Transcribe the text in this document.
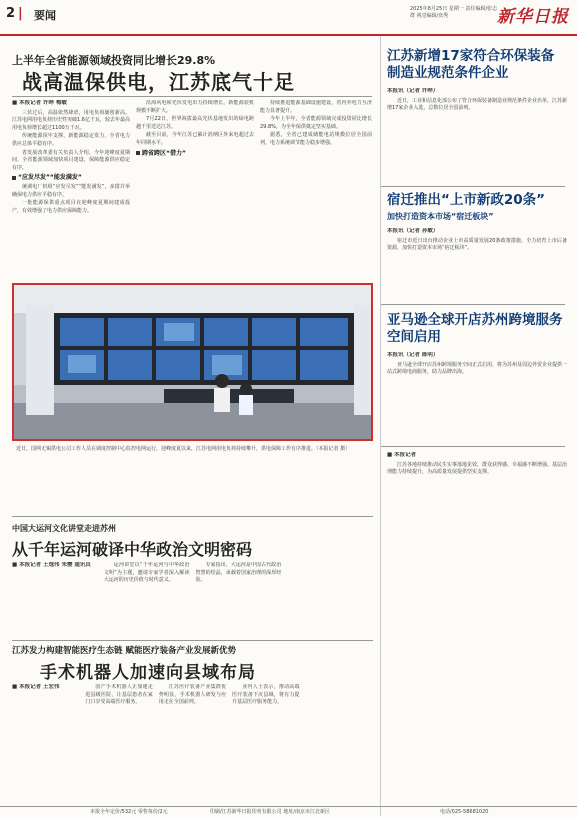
2 | 要闻	2025年8月25日 星期一 责任编辑/张志群 视觉编辑/贲秀	新华日报
上半年全省能源领域投资同比增长29.8%
战高温保供电，江苏底气十足
■ 本报记者 许晔 梅敏

三伏过后，高温依然肆虐，用电负荷屡创新高。江苏电网用电负荷历史性突破1.6亿千瓦，较去年最高用电负荷增长超过1100万千瓦。

传统能源顶牢支撑，新能源稳定发力，全省电力供应总体平稳有序。

省发展改革委有关负责人介绍，今年迎峰度夏期间，全省能源领域加快项目建设，保障能源供应稳定有序。

“应发尽发”“能发满发”

统调电厂机组“应发尽发”“能发满发”，多措并举确保电力供应平稳有序。

一批能源保供重点项目在迎峰度夏期间建成投产，有效增强了电力供应保障能力。

沿海风电和光伏发电出力持续增长，新能源装机规模不断扩大。

7月22日，世界海拔最高光伏基地发出的绿电跨越千里送达江苏。

截至目前，今年江苏已累计消纳区外来电超过去年同期水平。

跨省跨区“借力”

持续推进能源基础设施建设，省内外电力互济能力显著提升。

今年上半年，全省能源领域完成投资同比增长29.8%，为全年保供奠定坚实基础。

据悉，全省已建成储能电站规模位居全国前列，电力系统调节能力稳步增强。

近日，国网无锡供电公司工作人员在调度控制中心监控电网运行。迎峰度夏以来，江苏电网用电负荷持续攀升，供电保障工作有序推进。（本报记者 摄）
中国大运河文化讲堂走进苏州
从千年运河破译中华政治文明密码
■ 本报记者 王逸伟 朱樱 通讯员	运河讲堂以“千年运河与中华政治文明”为主题，邀请专家学者深入解读大运河的历史价值与时代意义。

专家指出，大运河是中国古代政治智慧的结晶，承载着国家治理的深厚经验。

江苏发力构建智能医疗生态链 赋能医疗装备产业发展新优势
手术机器人加速向县域布局
■ 本报记者 王宏伟	国产手术机器人正加速走进县级医院，让基层患者在家门口享受高端医疗服务。

江苏医疗装备产业集群优势明显，手术机器人研发与应用走在全国前列。

业内人士表示，推动高端医疗装备下沉县域，将有力提升基层医疗服务能力。

江苏新增17家符合环保装备制造业规范条件企业
本报讯（记者 许晔）

近日，工业和信息化部公布了符合环保装备制造业规范条件企业名单，江苏新增17家企业入选，总数位居全国前列。

宿迁推出“上市新政20条”
加快打造资本市场“宿迁板块”
本报讯（记者 孙敏）

宿迁市近日出台推动企业上市高质量发展20条政策措施，全力培育上市后备资源，加快打造资本市场“宿迁板块”。

亚马逊全球开店苏州跨境服务空间启用
本报讯（记者 陈明）

亚马逊全球开店苏州跨境服务空间正式启用，将为苏州及周边外贸企业提供一站式跨境电商服务，助力品牌出海。

■ 本报记者

江苏各地持续推动民生实事落地见效，群众获得感、幸福感不断增强。基层治理能力持续提升，为高质量发展提供坚实支撑。

本报全年定价/532元 零售每份/2元	印刷/江苏新华日报印务有限公司 地址/南京市江北新区	电话/025-58681020
